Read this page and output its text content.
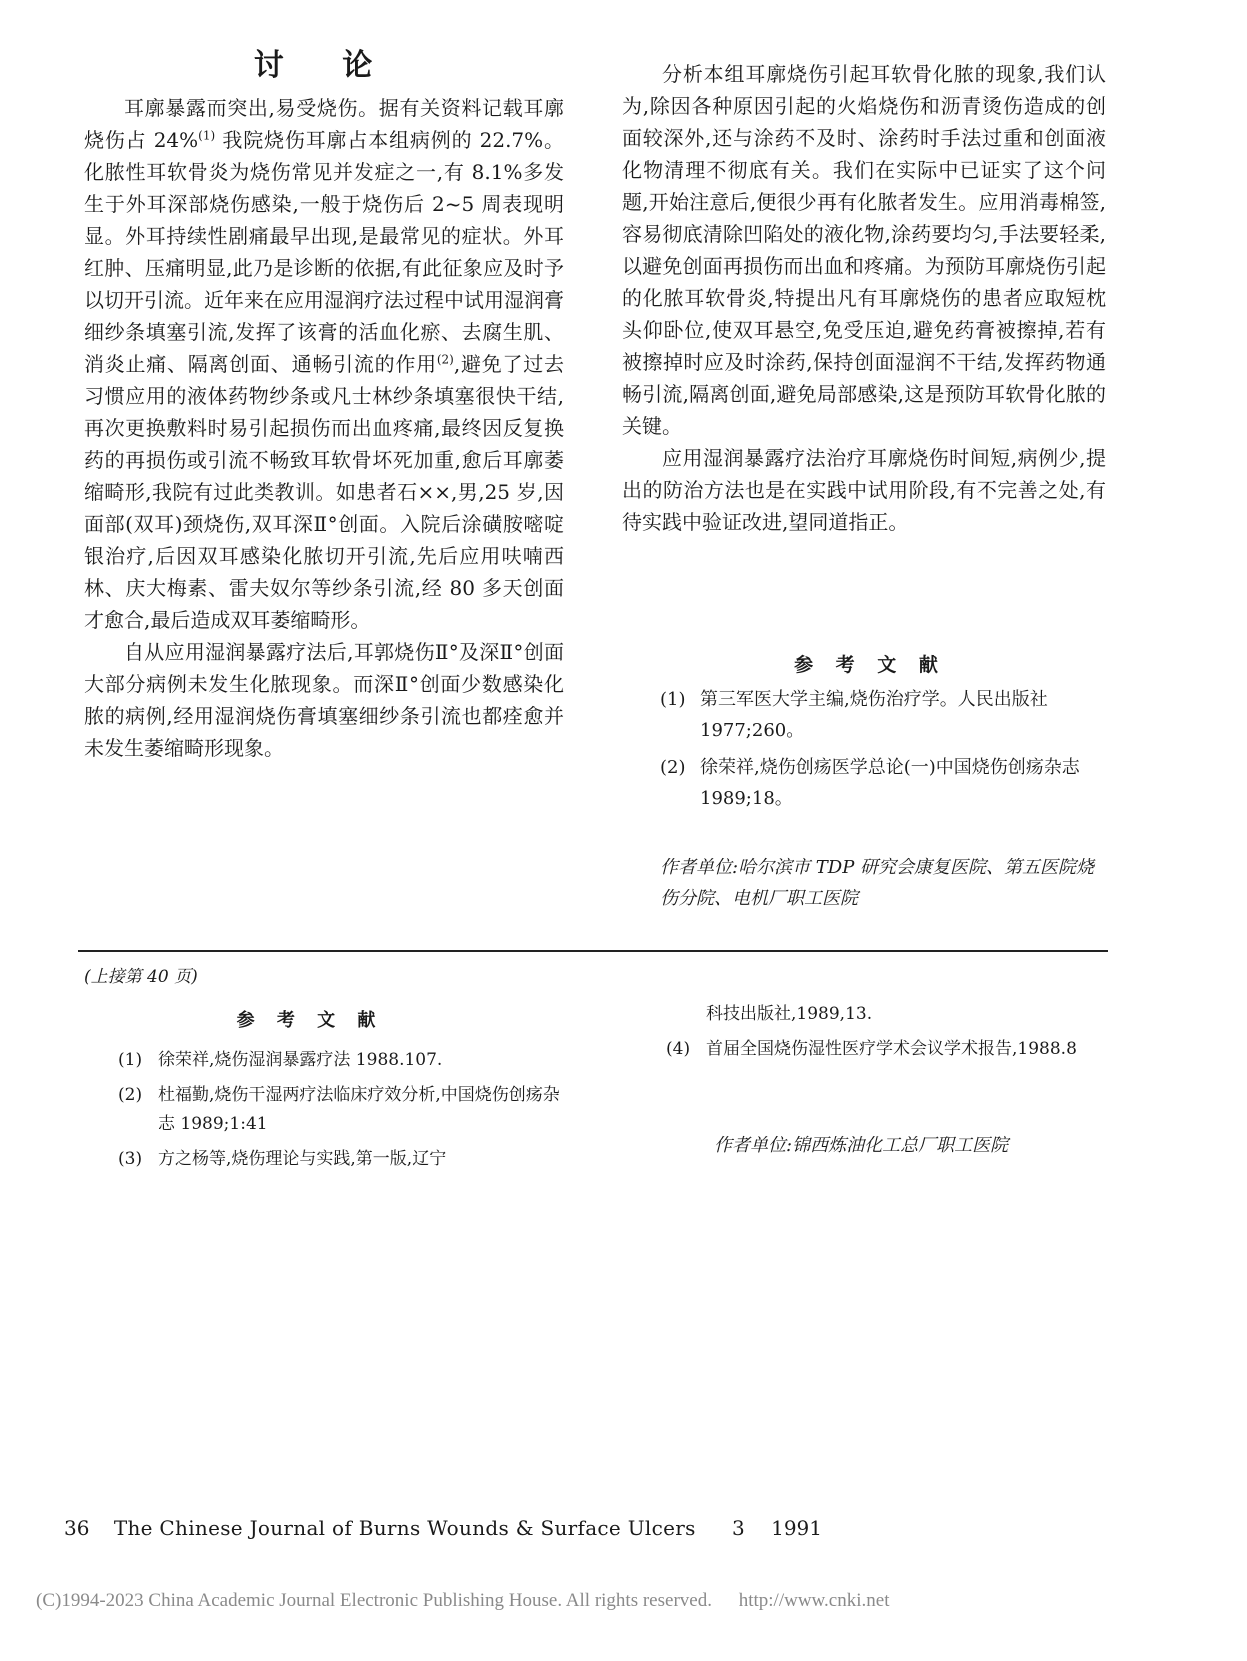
讨 论

耳廓暴露而突出,易受烧伤。据有关资料记载耳廓烧伤占 24%$^{(1)}$ 我院烧伤耳廓占本组病例的 22.7%。化脓性耳软骨炎为烧伤常见并发症之一,有 8.1%多发生于外耳深部烧伤感染,一般于烧伤后 2~5 周表现明显。外耳持续性剧痛最早出现,是最常见的症状。外耳红肿、压痛明显,此乃是诊断的依据,有此征象应及时予以切开引流。近年来在应用湿润疗法过程中试用湿润膏细纱条填塞引流,发挥了该膏的活血化瘀、去腐生肌、消炎止痛、隔离创面、通畅引流的作用$^{(2)}$,避免了过去习惯应用的液体药物纱条或凡士林纱条填塞很快干结,再次更换敷料时易引起损伤而出血疼痛,最终因反复换药的再损伤或引流不畅致耳软骨坏死加重,愈后耳廓萎缩畸形,我院有过此类教训。如患者石××,男,25 岁,因面部(双耳)颈烧伤,双耳深Ⅱ°创面。入院后涂磺胺嘧啶银治疗,后因双耳感染化脓切开引流,先后应用呋喃西林、庆大梅素、雷夫奴尔等纱条引流,经 80 多天创面才愈合,最后造成双耳萎缩畸形。

自从应用湿润暴露疗法后,耳郭烧伤Ⅱ°及深Ⅱ°创面大部分病例未发生化脓现象。而深Ⅱ°创面少数感染化脓的病例,经用湿润烧伤膏填塞细纱条引流也都痊愈并未发生萎缩畸形现象。

分析本组耳廓烧伤引起耳软骨化脓的现象,我们认为,除因各种原因引起的火焰烧伤和沥青烫伤造成的创面较深外,还与涂药不及时、涂药时手法过重和创面液化物清理不彻底有关。我们在实际中已证实了这个问题,开始注意后,便很少再有化脓者发生。应用消毒棉签,容易彻底清除凹陷处的液化物,涂药要均匀,手法要轻柔,以避免创面再损伤而出血和疼痛。为预防耳廓烧伤引起的化脓耳软骨炎,特提出凡有耳廓烧伤的患者应取短枕头仰卧位,使双耳悬空,免受压迫,避免药膏被擦掉,若有被擦掉时应及时涂药,保持创面湿润不干结,发挥药物通畅引流,隔离创面,避免局部感染,这是预防耳软骨化脓的关键。

应用湿润暴露疗法治疗耳廓烧伤时间短,病例少,提出的防治方法也是在实践中试用阶段,有不完善之处,有待实践中验证改进,望同道指正。

参 考 文 献
(1) 第三军医大学主编,烧伤治疗学。人民出版社 1977;260。
(2) 徐荣祥,烧伤创疡医学总论(一)中国烧伤创疡杂志 1989;18。
作者单位:哈尔滨市 TDP 研究会康复医院、第五医院烧伤分院、电机厂职工医院
(上接第 40 页)
参 考 文 献
(1) 徐荣祥,烧伤湿润暴露疗法 1988.107.
(2) 杜福勤,烧伤干湿两疗法临床疗效分析,中国烧伤创疡杂志 1989;1:41
(3) 方之杨等,烧伤理论与实践,第一版,辽宁
科技出版社,1989,13.
(4) 首届全国烧伤湿性医疗学术会议学术报告,1988.8
作者单位:锦西炼油化工总厂职工医院
36 The Chinese Journal of Burns Wounds & Surface Ulcers 3 1991
(C)1994-2023 China Academic Journal Electronic Publishing House. All rights reserved. http://www.cnki.net
